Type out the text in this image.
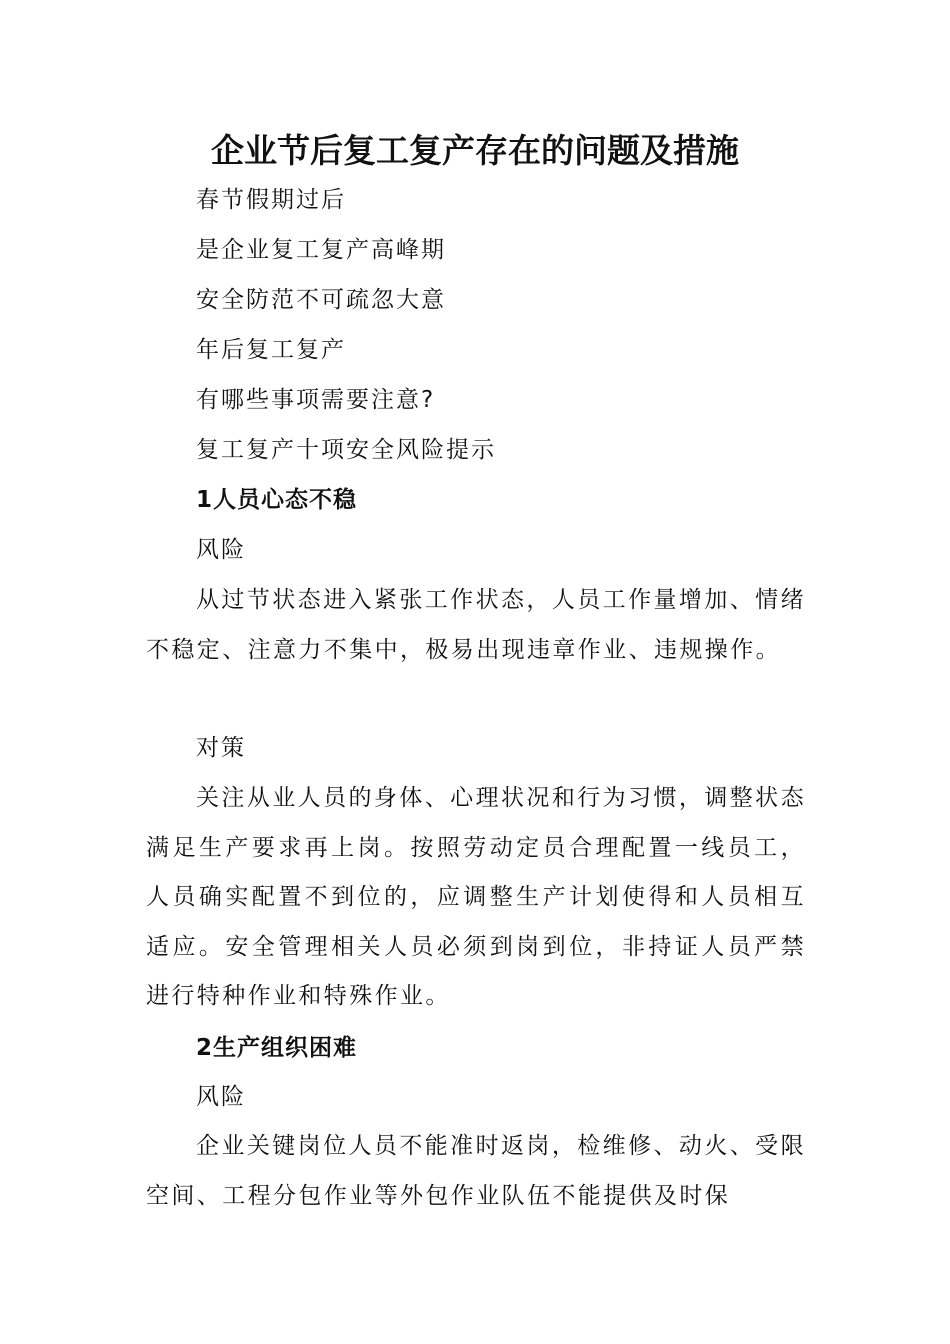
企业节后复工复产存在的问题及措施
春节假期过后
是企业复工复产高峰期
安全防范不可疏忽大意
年后复工复产
有哪些事项需要注意?
复工复产十项安全风险提示
1人员心态不稳
风险
从过节状态进入紧张工作状态，人员工作量增加、情绪不稳定、注意力不集中，极易出现违章作业、违规操作。
对策
关注从业人员的身体、心理状况和行为习惯，调整状态满足生产要求再上岗。按照劳动定员合理配置一线员工，人员确实配置不到位的，应调整生产计划使得和人员相互适应。安全管理相关人员必须到岗到位，非持证人员严禁进行特种作业和特殊作业。
2生产组织困难
风险
企业关键岗位人员不能准时返岗，检维修、动火、受限空间、工程分包作业等外包作业队伍不能提供及时保
